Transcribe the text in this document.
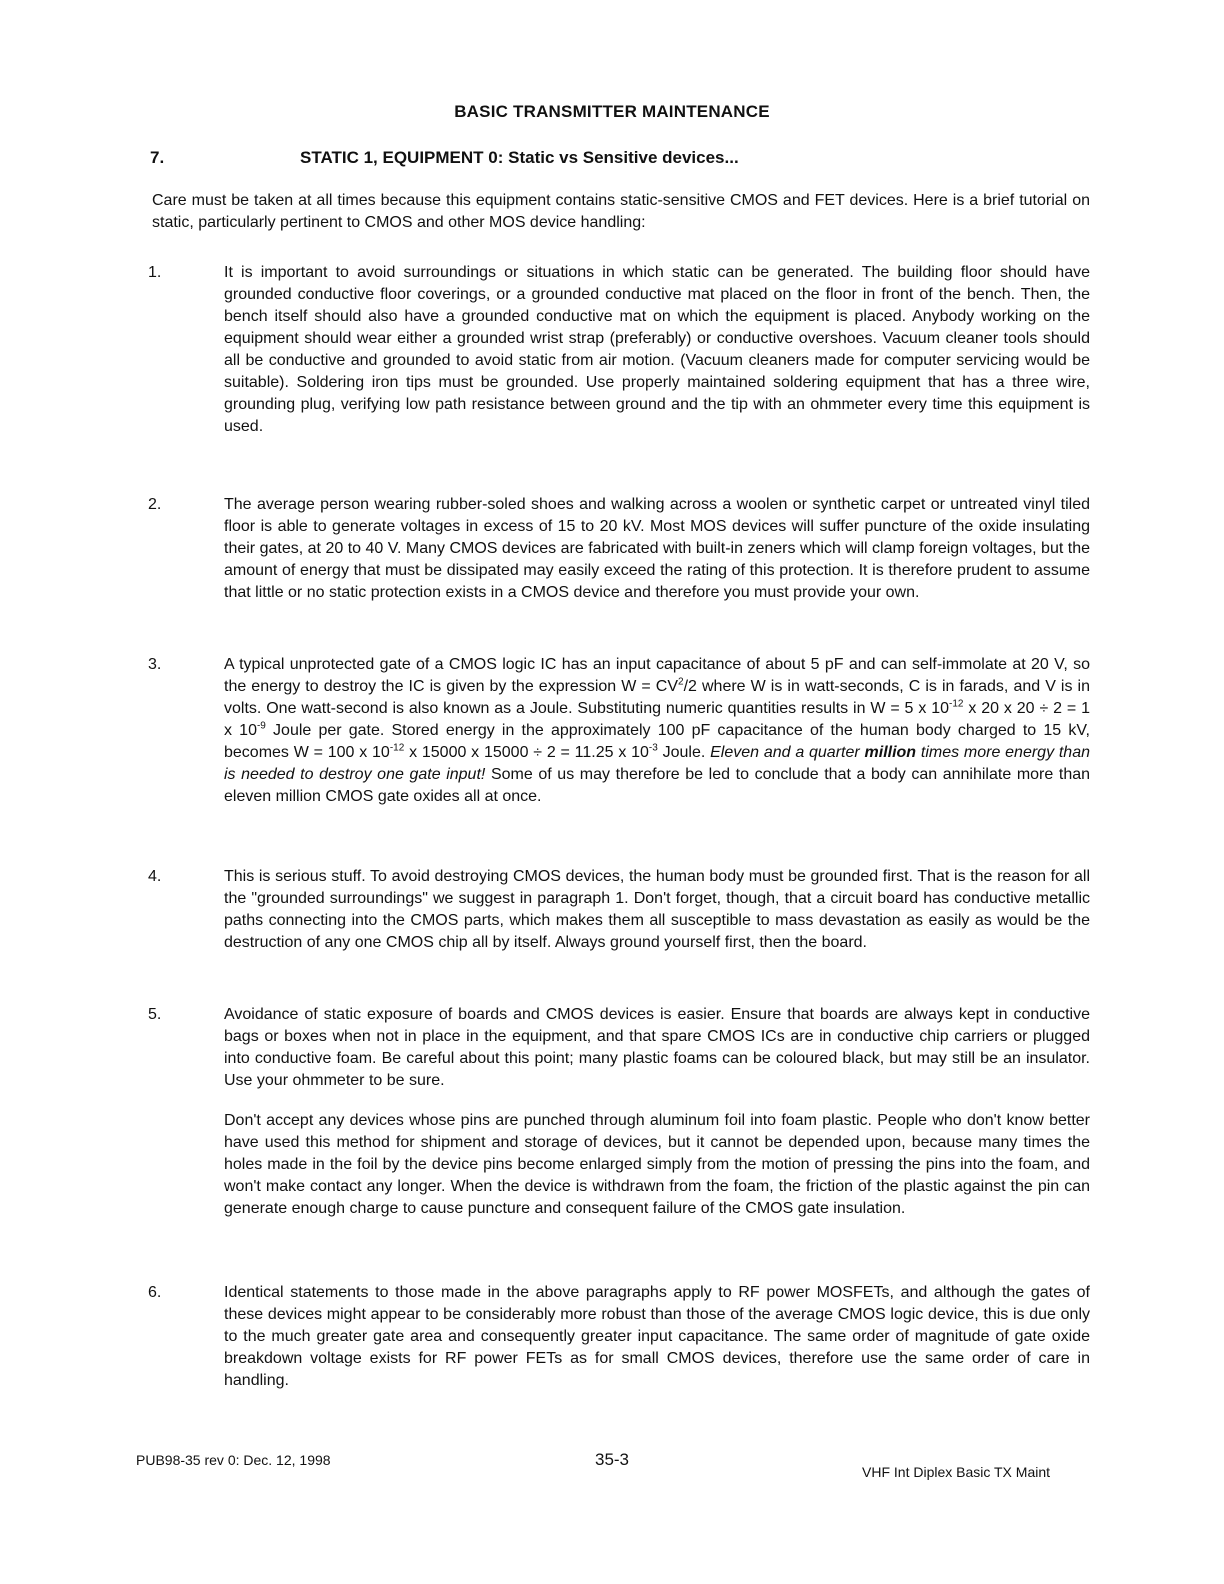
BASIC TRANSMITTER MAINTENANCE
7.	STATIC 1, EQUIPMENT 0: Static vs Sensitive devices...

Care must be taken at all times because this equipment contains static-sensitive CMOS and FET devices. Here is a brief tutorial on static, particularly pertinent to CMOS and other MOS device handling:

1.	It is important to avoid surroundings or situations in which static can be generated. The building floor should have grounded conductive floor coverings, or a grounded conductive mat placed on the floor in front of the bench. Then, the bench itself should also have a grounded conductive mat on which the equipment is placed. Anybody working on the equipment should wear either a grounded wrist strap (preferably) or conductive overshoes. Vacuum cleaner tools should all be conductive and grounded to avoid static from air motion. (Vacuum cleaners made for computer servicing would be suitable). Soldering iron tips must be grounded. Use properly maintained soldering equipment that has a three wire, grounding plug, verifying low path resistance between ground and the tip with an ohmmeter every time this equipment is used.

2.	The average person wearing rubber-soled shoes and walking across a woolen or synthetic carpet or untreated vinyl tiled floor is able to generate voltages in excess of 15 to 20 kV. Most MOS devices will suffer puncture of the oxide insulating their gates, at 20 to 40 V. Many CMOS devices are fabricated with built-in zeners which will clamp foreign voltages, but the amount of energy that must be dissipated may easily exceed the rating of this protection. It is therefore prudent to assume that little or no static protection exists in a CMOS device and therefore you must provide your own.

3.	A typical unprotected gate of a CMOS logic IC has an input capacitance of about 5 pF and can self-immolate at 20 V, so the energy to destroy the IC is given by the expression $W = CV^2/2$ where W is in watt-seconds, C is in farads, and V is in volts. One watt-second is also known as a Joule. Substituting numeric quantities results in W = 5 x $10^{-12}$ x 20 x 20 ÷ 2 = 1 x $10^{-9}$ Joule per gate. Stored energy in the approximately 100 pF capacitance of the human body charged to 15 kV, becomes W = 100 x $10^{-12}$ x 15000 x 15000 ÷ 2 = 11.25 x $10^{-3}$ Joule. Eleven and a quarter million times more energy than is needed to destroy one gate input! Some of us may therefore be led to conclude that a body can annihilate more than eleven million CMOS gate oxides all at once.

4.	This is serious stuff. To avoid destroying CMOS devices, the human body must be grounded first. That is the reason for all the "grounded surroundings" we suggest in paragraph 1. Don't forget, though, that a circuit board has conductive metallic paths connecting into the CMOS parts, which makes them all susceptible to mass devastation as easily as would be the destruction of any one CMOS chip all by itself. Always ground yourself first, then the board.

5.	Avoidance of static exposure of boards and CMOS devices is easier. Ensure that boards are always kept in conductive bags or boxes when not in place in the equipment, and that spare CMOS ICs are in conductive chip carriers or plugged into conductive foam. Be careful about this point; many plastic foams can be coloured black, but may still be an insulator. Use your ohmmeter to be sure.

Don't accept any devices whose pins are punched through aluminum foil into foam plastic. People who don't know better have used this method for shipment and storage of devices, but it cannot be depended upon, because many times the holes made in the foil by the device pins become enlarged simply from the motion of pressing the pins into the foam, and won't make contact any longer. When the device is withdrawn from the foam, the friction of the plastic against the pin can generate enough charge to cause puncture and consequent failure of the CMOS gate insulation.

6.	Identical statements to those made in the above paragraphs apply to RF power MOSFETs, and although the gates of these devices might appear to be considerably more robust than those of the average CMOS logic device, this is due only to the much greater gate area and consequently greater input capacitance. The same order of magnitude of gate oxide breakdown voltage exists for RF power FETs as for small CMOS devices, therefore use the same order of care in handling.

PUB98-35 rev 0: Dec. 12, 1998	35-3
VHF Int Diplex Basic TX Maint
